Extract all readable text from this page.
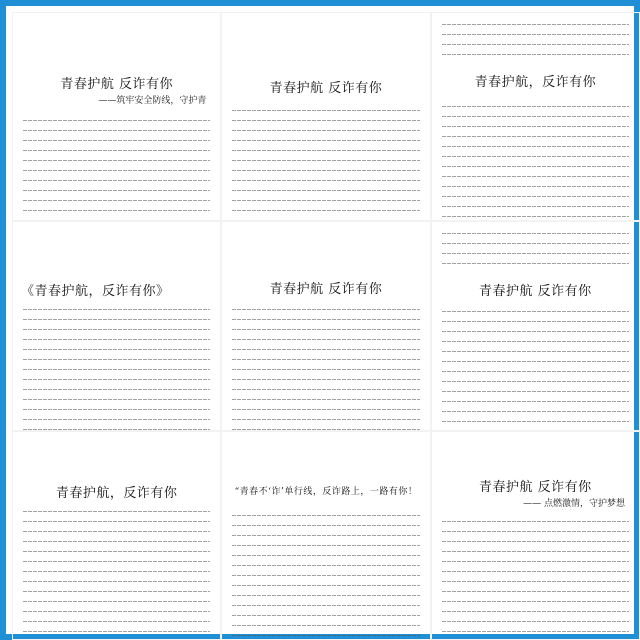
青春护航 反诈有你
——筑牢安全防线，守护青
青春护航 反诈有你	青春护航，反诈有你
《青春护航，反诈有你》	青春护航 反诈有你	青春护航 反诈有你
青春护航，反诈有你	“青春不‘诈’单行线，反诈路上，一路有你！	青春护航 反诈有你
—— 点燃激情，守护梦想
